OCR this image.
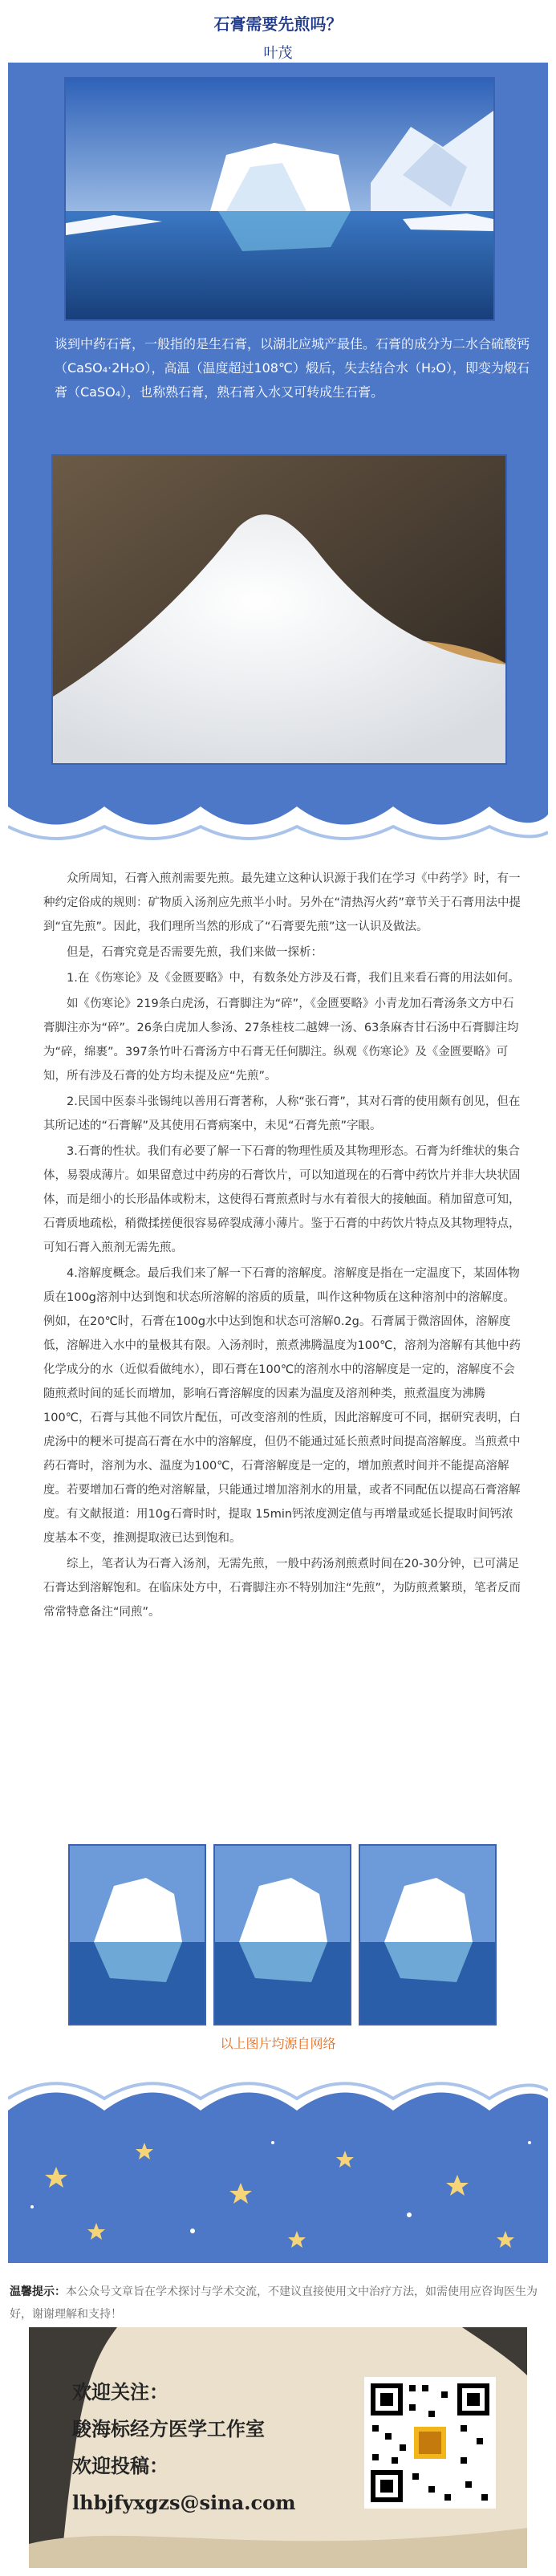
石膏需要先煎吗？
叶茂
谈到中药石膏，一般指的是生石膏，以湖北应城产最佳。石膏的成分为二水合硫酸钙（CaSO₄·2H₂O），高温（温度超过108℃）煅后，失去结合水（H₂O），即变为煅石膏（CaSO₄），也称熟石膏，熟石膏入水又可转成生石膏。

众所周知，石膏入煎剂需要先煎。最先建立这种认识源于我们在学习《中药学》时，有一种约定俗成的规则：矿物质入汤剂应先煎半小时。另外在“清热泻火药”章节关于石膏用法中提到“宜先煎”。因此，我们理所当然的形成了“石膏要先煎”这一认识及做法。

但是，石膏究竟是否需要先煎，我们来做一探析：

1.在《伤寒论》及《金匮要略》中，有数条处方涉及石膏，我们且来看石膏的用法如何。

如《伤寒论》219条白虎汤，石膏脚注为“碎”，《金匮要略》小青龙加石膏汤条文方中石膏脚注亦为“碎”。26条白虎加人参汤、27条桂枝二越婢一汤、63条麻杏甘石汤中石膏脚注均为“碎，绵裹”。397条竹叶石膏汤方中石膏无任何脚注。纵观《伤寒论》及《金匮要略》可知，所有涉及石膏的处方均未提及应“先煎”。

2.民国中医泰斗张锡纯以善用石膏著称，人称“张石膏”，其对石膏的使用颇有创见，但在其所记述的“石膏解”及其使用石膏病案中，未见“石膏先煎”字眼。

3.石膏的性状。我们有必要了解一下石膏的物理性质及其物理形态。石膏为纤维状的集合体，易裂成薄片。如果留意过中药房的石膏饮片，可以知道现在的石膏中药饮片并非大块状固体，而是细小的长形晶体或粉末，这使得石膏煎煮时与水有着很大的接触面。稍加留意可知，石膏质地疏松，稍微揉搓便很容易碎裂成薄小薄片。鉴于石膏的中药饮片特点及其物理特点，可知石膏入煎剂无需先煎。

4.溶解度概念。最后我们来了解一下石膏的溶解度。溶解度是指在一定温度下，某固体物质在100g溶剂中达到饱和状态所溶解的溶质的质量，叫作这种物质在这种溶剂中的溶解度。例如，在20℃时，石膏在100g水中达到饱和状态可溶解0.2g。石膏属于微溶固体，溶解度低，溶解进入水中的量极其有限。入汤剂时，煎煮沸腾温度为100℃，溶剂为溶解有其他中药化学成分的水（近似看做纯水），即石膏在100℃的溶剂水中的溶解度是一定的，溶解度不会随煎煮时间的延长而增加，影响石膏溶解度的因素为温度及溶剂种类，煎煮温度为沸腾100℃，石膏与其他不同饮片配伍，可改变溶剂的性质，因此溶解度可不同，据研究表明，白虎汤中的粳米可提高石膏在水中的溶解度，但仍不能通过延长煎煮时间提高溶解度。当煎煮中药石膏时，溶剂为水、温度为100℃，石膏溶解度是一定的，增加煎煮时间并不能提高溶解度。若要增加石膏的绝对溶解量，只能通过增加溶剂水的用量，或者不同配伍以提高石膏溶解度。有文献报道：用10g石膏时时，提取 15min钙浓度测定值与再增量或延长提取时间钙浓度基本不变，推测提取液已达到饱和。

综上，笔者认为石膏入汤剂，无需先煎，一般中药汤剂煎煮时间在20-30分钟，已可满足石膏达到溶解饱和。在临床处方中，石膏脚注亦不特别加注“先煎”，为防煎煮繁琐，笔者反而常常特意备注“同煎”。

以上图片均源自网络
温馨提示：本公众号文章旨在学术探讨与学术交流，不建议直接使用文中治疗方法，如需使用应咨询医生为好，谢谢理解和支持！
欢迎关注：
駿海标经方医学工作室
欢迎投稿：
lhbjfyxgzs@sina.com
